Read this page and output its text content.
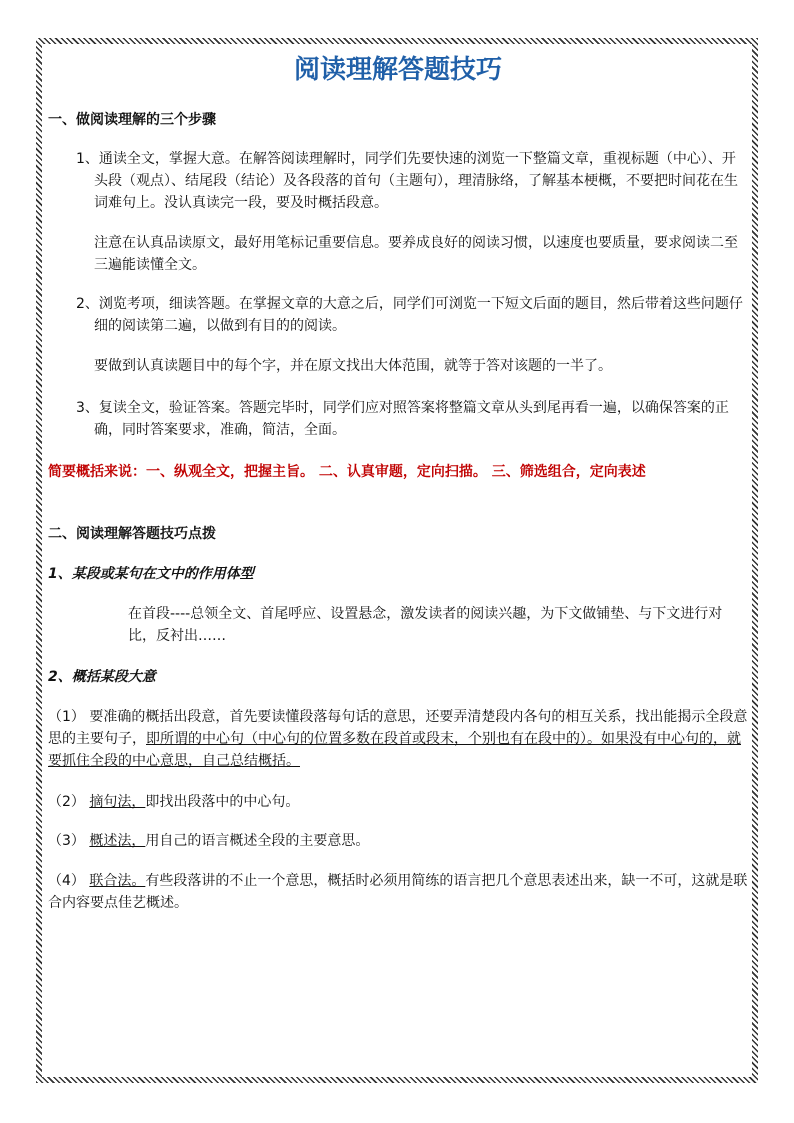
阅读理解答题技巧
一、做阅读理解的三个步骤
1、通读全文，掌握大意。在解答阅读理解时，同学们先要快速的浏览一下整篇文章，重视标题（中心）、开头段（观点）、结尾段（结论）及各段落的首句（主题句），理清脉络，了解基本梗概，不要把时间花在生词难句上。没认真读完一段，要及时概括段意。
注意在认真品读原文，最好用笔标记重要信息。要养成良好的阅读习惯，以速度也要质量，要求阅读二至三遍能读懂全文。
2、浏览考项，细读答题。在掌握文章的大意之后，同学们可浏览一下短文后面的题目，然后带着这些问题仔细的阅读第二遍，以做到有目的的阅读。
要做到认真读题目中的每个字，并在原文找出大体范围，就等于答对该题的一半了。
3、复读全文，验证答案。答题完毕时，同学们应对照答案将整篇文章从头到尾再看一遍，以确保答案的正确，同时答案要求，准确，简洁，全面。
简要概括来说：一、纵观全文，把握主旨。 二、认真审题，定向扫描。 三、筛选组合，定向表述
二、阅读理解答题技巧点拨
1、某段或某句在文中的作用体型
在首段----总领全文、首尾呼应、设置悬念，激发读者的阅读兴趣，为下文做铺垫、与下文进行对比，反衬出……
2、概括某段大意
（1） 要准确的概括出段意，首先要读懂段落每句话的意思，还要弄清楚段内各句的相互关系，找出能揭示全段意思的主要句子，即所谓的中心句（中心句的位置多数在段首或段末，个别也有在段中的）。如果没有中心句的，就要抓住全段的中心意思，自己总结概括。
（2） 摘句法，即找出段落中的中心句。
（3） 概述法，用自己的语言概述全段的主要意思。
（4） 联合法。有些段落讲的不止一个意思，概括时必须用简练的语言把几个意思表述出来，缺一不可，这就是联合内容要点佳艺概述。
